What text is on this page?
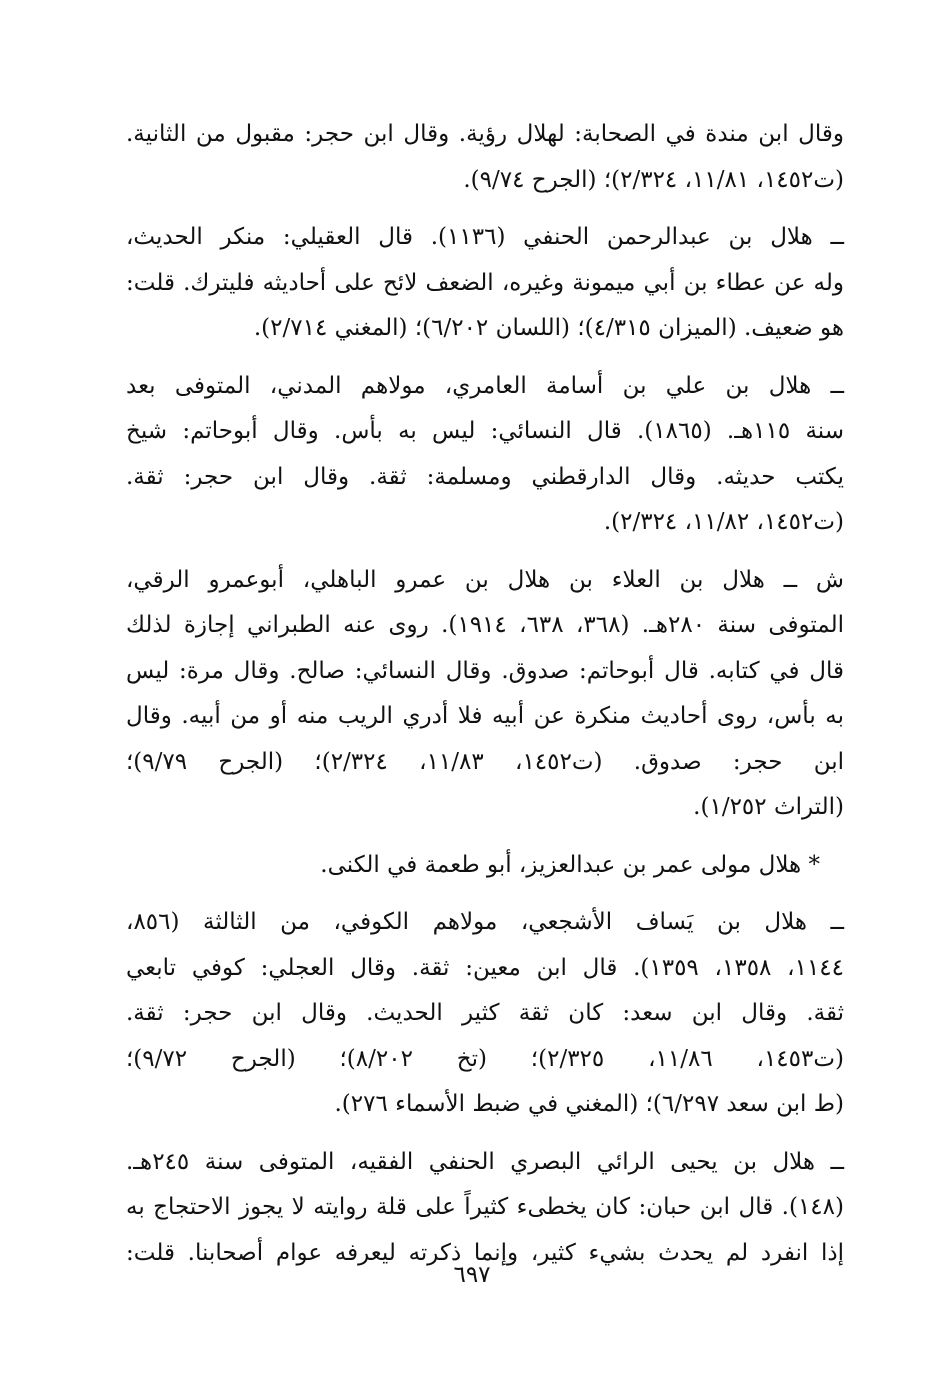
وقال ابن مندة في الصحابة: لهلال رؤية. وقال ابن حجر: مقبول من الثانية.
(ت١٤٥٢، ١١/٨١، ٢/٣٢٤)؛ (الجرح ٩/٧٤).

ــ هلال بن عبدالرحمن الحنفي (١١٣٦). قال العقيلي: منكر الحديث،
وله عن عطاء بن أبي ميمونة وغيره، الضعف لائح على أحاديثه فليترك. قلت:
هو ضعيف. (الميزان ٤/٣١٥)؛ (اللسان ٦/٢٠٢)؛ (المغني ٢/٧١٤).

ــ هلال بن علي بن أسامة العامري، مولاهم المدني، المتوفى بعد
سنة ١١٥هـ. (١٨٦٥). قال النسائي: ليس به بأس. وقال أبوحاتم: شيخ
يكتب حديثه. وقال الدارقطني ومسلمة: ثقة. وقال ابن حجر: ثقة.
(ت١٤٥٢، ١١/٨٢، ٢/٣٢٤).

ش ــ هلال بن العلاء بن هلال بن عمرو الباهلي، أبوعمرو الرقي،
المتوفى سنة ٢٨٠هـ. (٣٦٨، ٦٣٨، ١٩١٤). روى عنه الطبراني إجازة لذلك
قال في كتابه. قال أبوحاتم: صدوق. وقال النسائي: صالح. وقال مرة: ليس
به بأس، روى أحاديث منكرة عن أبيه فلا أدري الريب منه أو من أبيه. وقال
ابن حجر: صدوق. (ت١٤٥٢، ١١/٨٣، ٢/٣٢٤)؛ (الجرح ٩/٧٩)؛
(التراث ١/٢٥٢).

* هلال مولى عمر بن عبدالعزيز، أبو طعمة في الكنى.

ــ هلال بن يَساف الأشجعي، مولاهم الكوفي، من الثالثة (٨٥٦،
١١٤٤، ١٣٥٨، ١٣٥٩). قال ابن معين: ثقة. وقال العجلي: كوفي تابعي
ثقة. وقال ابن سعد: كان ثقة كثير الحديث. وقال ابن حجر: ثقة.
(ت١٤٥٣، ١١/٨٦، ٢/٣٢٥)؛ (تخ ٨/٢٠٢)؛ (الجرح ٩/٧٢)؛
(ط ابن سعد ٦/٢٩٧)؛ (المغني في ضبط الأسماء ٢٧٦).

ــ هلال بن يحيى الرائي البصري الحنفي الفقيه، المتوفى سنة ٢٤٥هـ.
(١٤٨). قال ابن حبان: كان يخطىء كثيراً على قلة روايته لا يجوز الاحتجاج به
إذا انفرد لم يحدث بشيء كثير، وإنما ذكرته ليعرفه عوام أصحابنا. قلت:

٦٩٧
